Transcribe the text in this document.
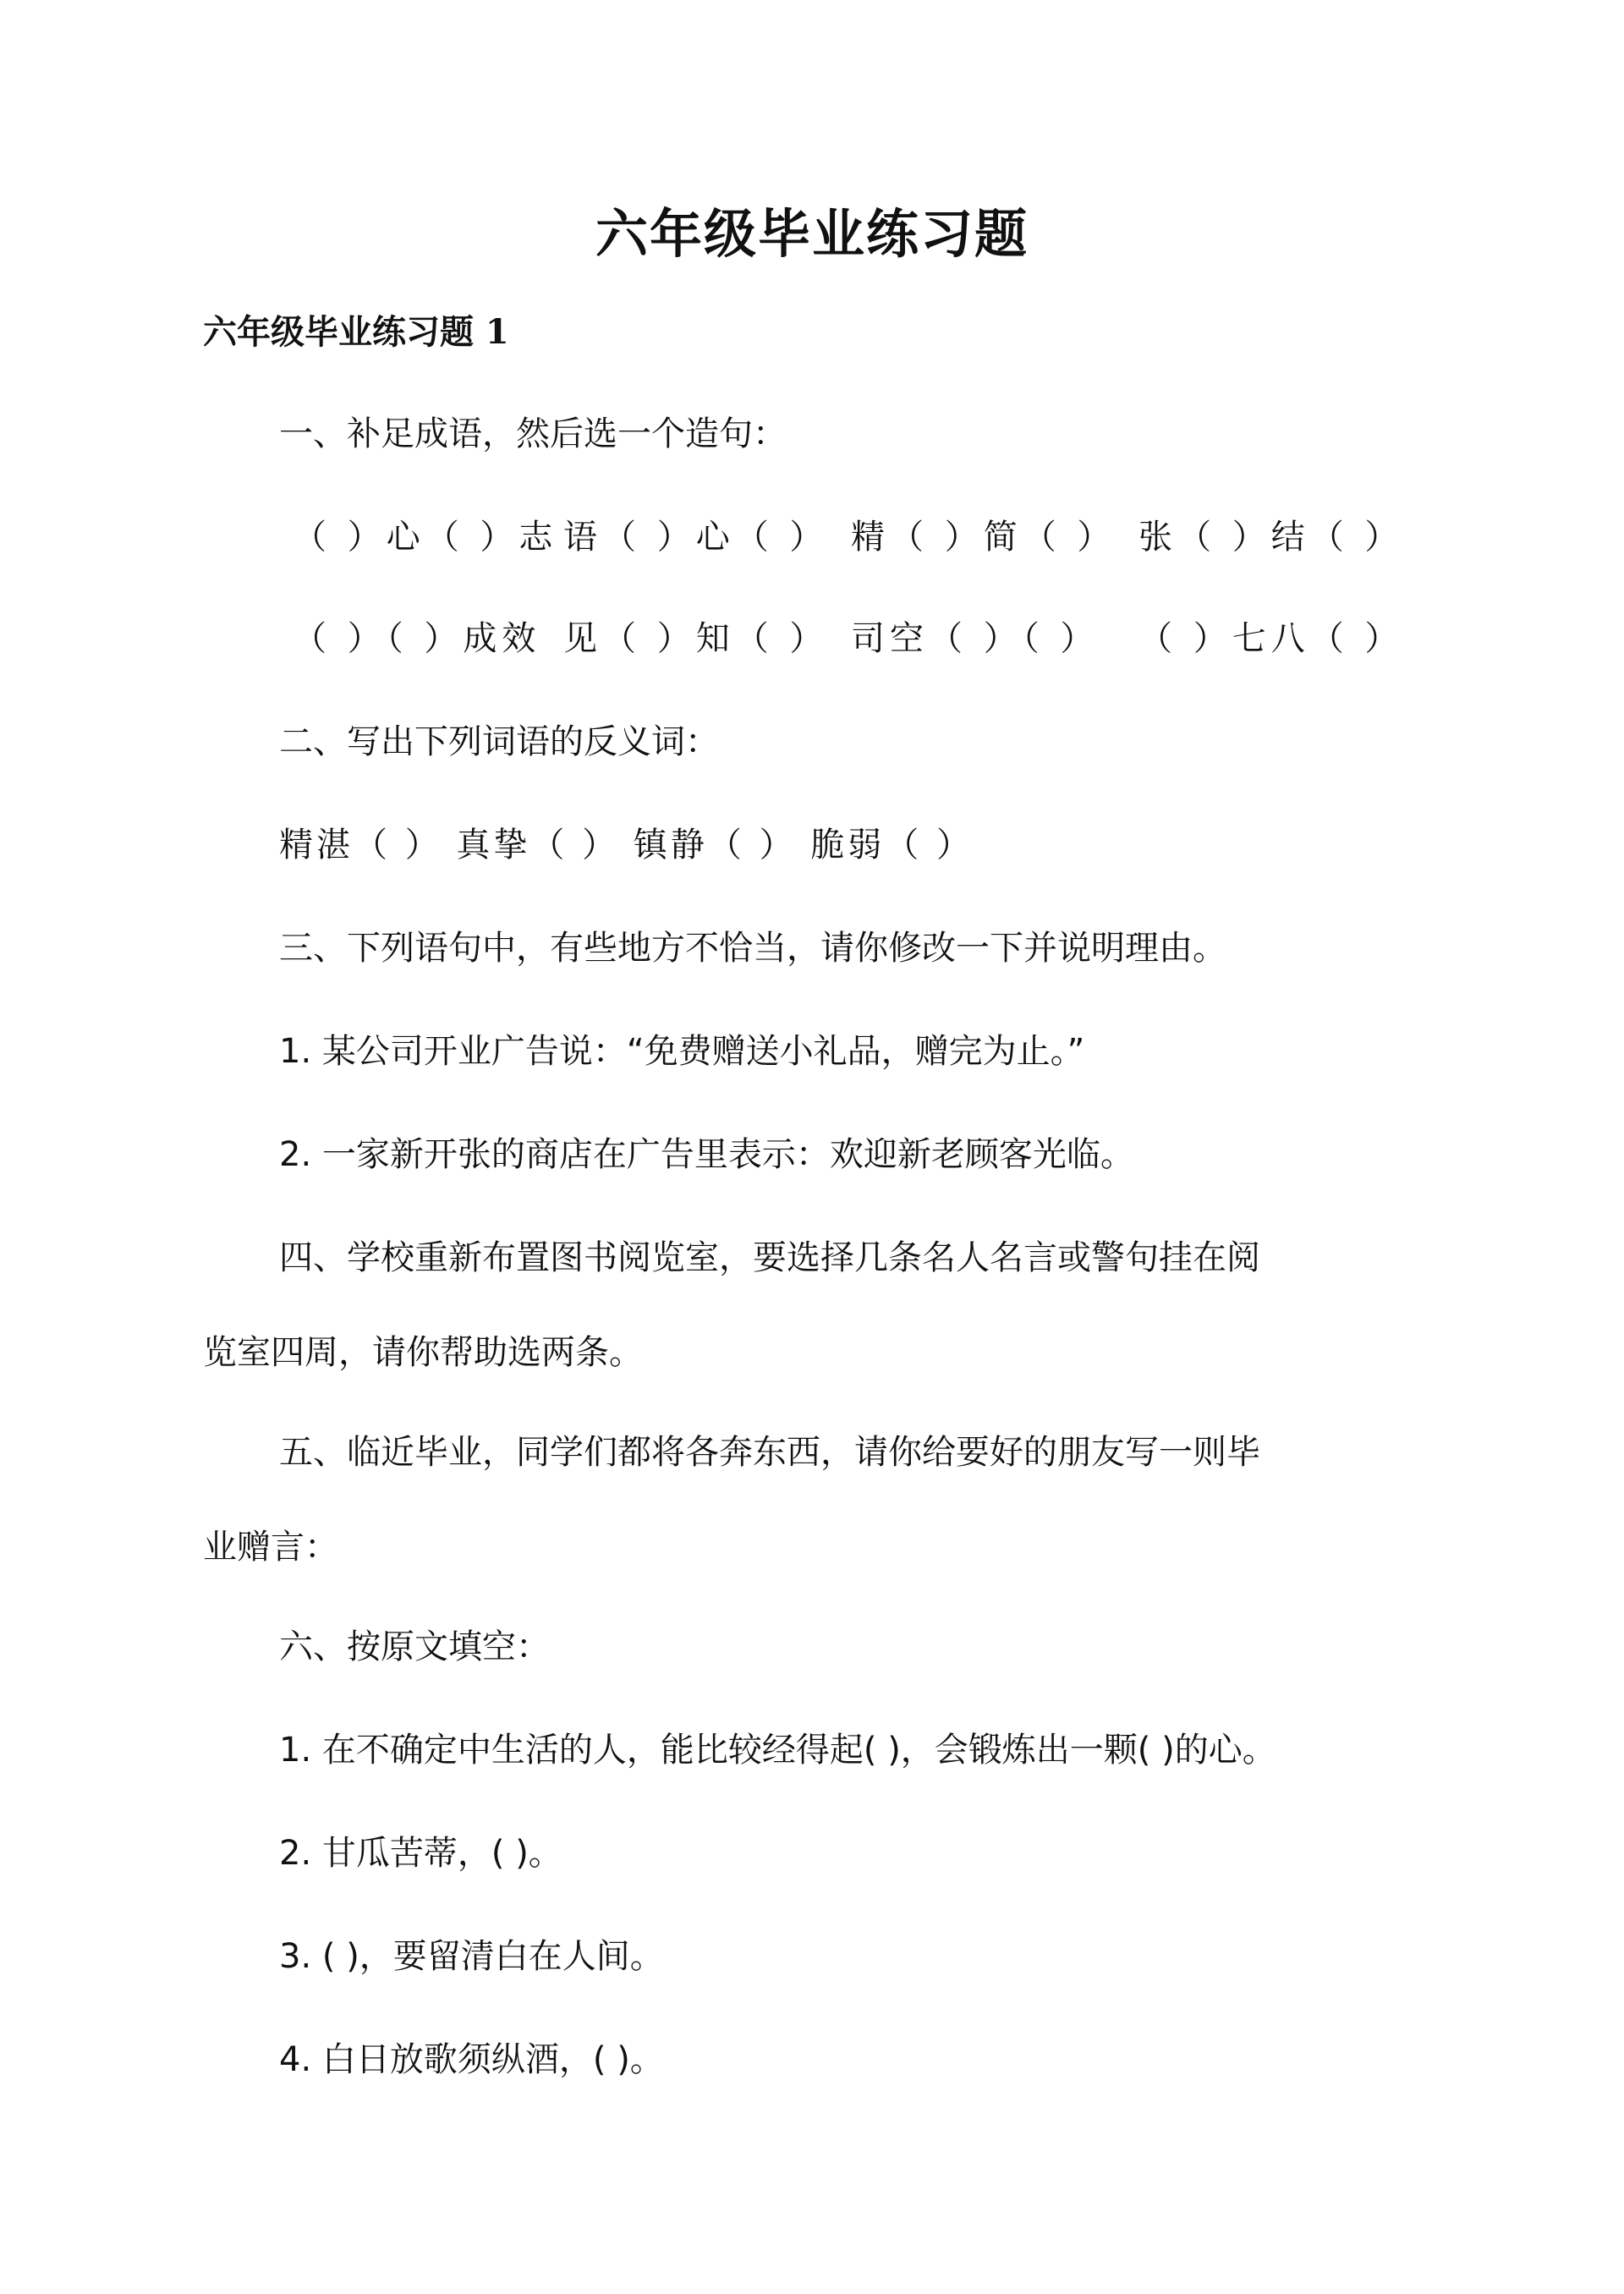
六年级毕业练习题
六年级毕业练习题 1
一、补足成语，然后选一个造句：
（ ）心（ ）志 语（ ）心（ ） 精（ ）简（ ） 张（ ）结（ ）
（ ）（ ）成效 见（ ）知（ ） 司空（ ）（ ） （ ）七八（ ）
二、写出下列词语的反义词：
精湛（ ） 真挚（ ） 镇静（ ） 脆弱（ ）
三、下列语句中，有些地方不恰当，请你修改一下并说明理由。
1. 某公司开业广告说：“免费赠送小礼品，赠完为止。”
2. 一家新开张的商店在广告里表示：欢迎新老顾客光临。
四、学校重新布置图书阅览室，要选择几条名人名言或警句挂在阅
览室四周，请你帮助选两条。
五、临近毕业，同学们都将各奔东西，请你给要好的朋友写一则毕
业赠言：
六、按原文填空：
1. 在不确定中生活的人，能比较经得起( )，会锻炼出一颗( )的心。
2. 甘瓜苦蒂，( )。
3. ( )，要留清白在人间。
4. 白日放歌须纵酒，( )。
